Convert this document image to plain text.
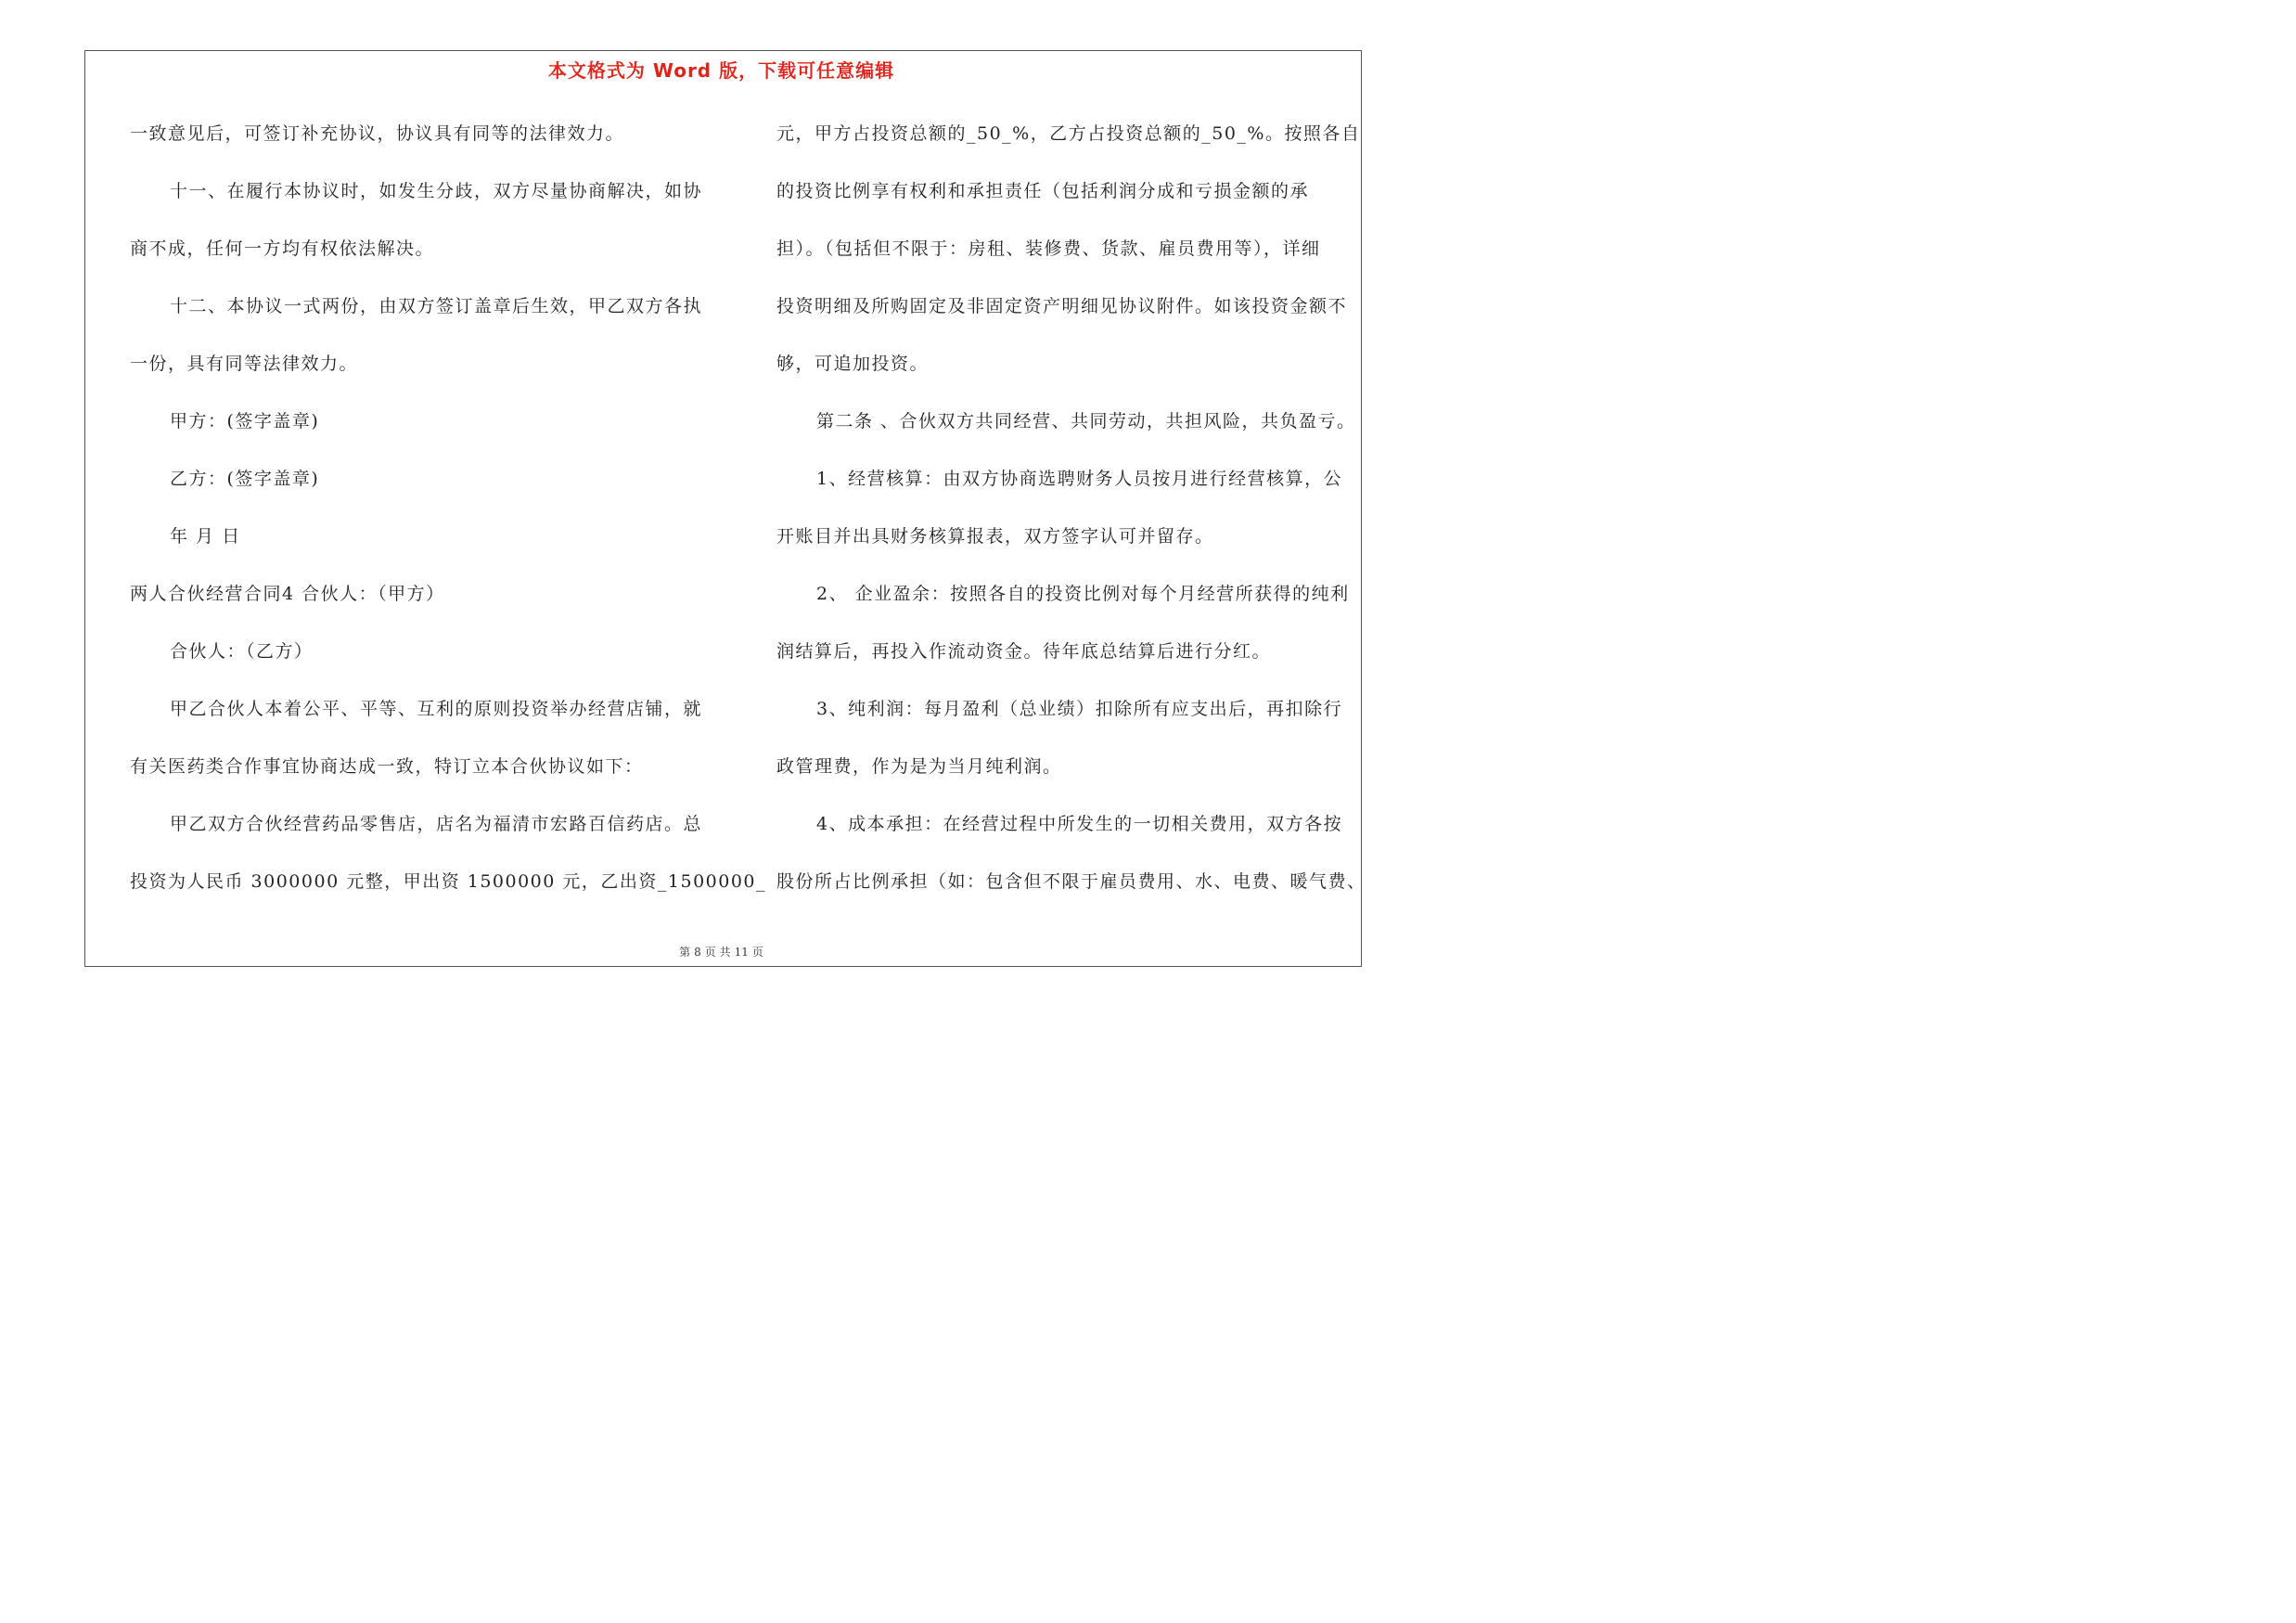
本文格式为 Word 版，下载可任意编辑
一致意见后，可签订补充协议，协议具有同等的法律效力。
十一、在履行本协议时，如发生分歧，双方尽量协商解决，如协
商不成，任何一方均有权依法解决。
十二、本协议一式两份，由双方签订盖章后生效，甲乙双方各执
一份，具有同等法律效力。
甲方：(签字盖章)
乙方：(签字盖章)
年 月 日
两人合伙经营合同4 合伙人：（甲方）
合伙人：（乙方）
甲乙合伙人本着公平、平等、互利的原则投资举办经营店铺，就
有关医药类合作事宜协商达成一致，特订立本合伙协议如下：
甲乙双方合伙经营药品零售店，店名为福清市宏路百信药店。总
投资为人民币 3000000 元整，甲出资 1500000 元，乙出资_1500000_
元，甲方占投资总额的_50_%，乙方占投资总额的_50_%。按照各自
的投资比例享有权利和承担责任（包括利润分成和亏损金额的承
担）。（包括但不限于：房租、装修费、货款、雇员费用等），详细
投资明细及所购固定及非固定资产明细见协议附件。如该投资金额不
够，可追加投资。
第二条 、合伙双方共同经营、共同劳动，共担风险，共负盈亏。
1、经营核算：由双方协商选聘财务人员按月进行经营核算，公
开账目并出具财务核算报表，双方签字认可并留存。
2、 企业盈余：按照各自的投资比例对每个月经营所获得的纯利
润结算后，再投入作流动资金。待年底总结算后进行分红。
3、纯利润：每月盈利（总业绩）扣除所有应支出后，再扣除行
政管理费，作为是为当月纯利润。
4、成本承担：在经营过程中所发生的一切相关费用，双方各按
股份所占比例承担（如：包含但不限于雇员费用、水、电费、暖气费、
第 8 页 共 11 页
